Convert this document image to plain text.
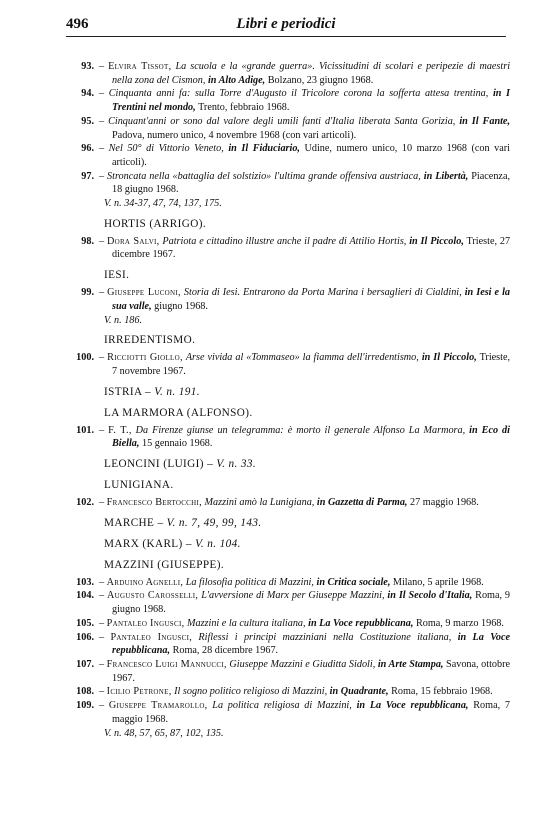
496	Libri e periodici
93. – Elvira Tissot, La scuola e la «grande guerra». Vicissitudini di scolari e peripezie di maestri nella zona del Cismon, in Alto Adige, Bolzano, 23 giugno 1968.
94. – Cinquanta anni fa: sulla Torre d'Augusto il Tricolore corona la sofferta attesa trentina, in I Trentini nel mondo, Trento, febbraio 1968.
95. – Cinquant'anni or sono dal valore degli umili fanti d'Italia liberata Santa Gorizia, in Il Fante, Padova, numero unico, 4 novembre 1968 (con vari articoli).
96. – Nel 50° di Vittorio Veneto, in Il Fiduciario, Udine, numero unico, 10 marzo 1968 (con vari articoli).
97. – Stroncata nella «battaglia del solstizio» l'ultima grande offensiva austriaca, in Libertà, Piacenza, 18 giugno 1968.
V. n. 34-37, 47, 74, 137, 175.
HORTIS (ARRIGO).
98. – Dora Salvi, Patriota e cittadino illustre anche il padre di Attilio Hortis, in Il Piccolo, Trieste, 27 dicembre 1967.
IESI.
99. – Giuseppe Luconi, Storia di Iesi. Entrarono da Porta Marina i bersaglieri di Cialdini, in Iesi e la sua valle, giugno 1968.
V. n. 186.
IRREDENTISMO.
100. – Ricciotti Giollo, Arse vivida al «Tommaseo» la fiamma dell'irredentismo, in Il Piccolo, Trieste, 7 novembre 1967.
ISTRIA – V. n. 191.
LA MARMORA (ALFONSO).
101. – F. T., Da Firenze giunse un telegramma: è morto il generale Alfonso La Marmora, in Eco di Biella, 15 gennaio 1968.
LEONCINI (LUIGI) – V. n. 33.
LUNIGIANA.
102. – Francesco Bertocchi, Mazzini amò la Lunigiana, in Gazzetta di Parma, 27 maggio 1968.
MARCHE – V. n. 7, 49, 99, 143.
MARX (KARL) – V. n. 104.
MAZZINI (GIUSEPPE).
103. – Arduino Agnelli, La filosofia politica di Mazzini, in Critica sociale, Milano, 5 aprile 1968.
104. – Augusto Carosselli, L'avversione di Marx per Giuseppe Mazzini, in Il Secolo d'Italia, Roma, 9 giugno 1968.
105. – Pantaleo Ingusci, Mazzini e la cultura italiana, in La Voce repubblicana, Roma, 9 marzo 1968.
106. – Pantaleo Ingusci, Riflessi i principi mazziniani nella Costituzione italiana, in La Voce repubblicana, Roma, 28 dicembre 1967.
107. – Francesco Luigi Mannucci, Giuseppe Mazzini e Giuditta Sidoli, in Arte Stampa, Savona, ottobre 1967.
108. – Icilio Petrone, Il sogno politico religioso di Mazzini, in Quadrante, Roma, 15 febbraio 1968.
109. – Giuseppe Tramarollo, La politica religiosa di Mazzini, in La Voce repubblicana, Roma, 7 maggio 1968.
V. n. 48, 57, 65, 87, 102, 135.
